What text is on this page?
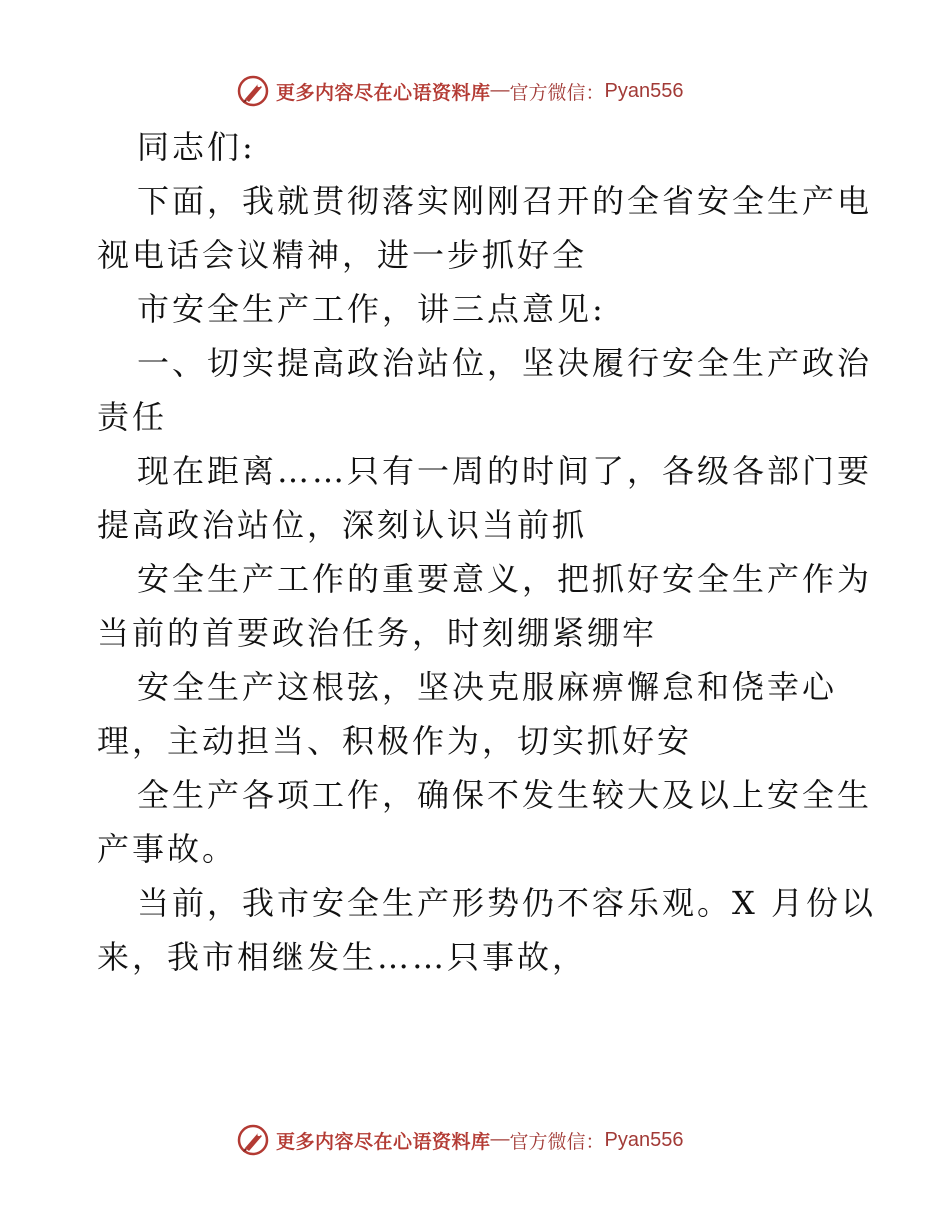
更多内容尽在心语资料库 — 官方微信： Pyan556
同志们:
下面，我就贯彻落实刚刚召开的全省安全生产电
视电话会议精神，进一步抓好全
市安全生产工作，讲三点意见:
一、切实提高政治站位，坚决履行安全生产政治
责任
现在距离……只有一周的时间了，各级各部门要
提高政治站位，深刻认识当前抓
安全生产工作的重要意义，把抓好安全生产作为
当前的首要政治任务，时刻绷紧绷牢
安全生产这根弦，坚决克服麻痹懈怠和侥幸心
理，主动担当、积极作为，切实抓好安
全生产各项工作，确保不发生较大及以上安全生
产事故。
当前，我市安全生产形势仍不容乐观。X 月份以
来，我市相继发生……只事故，
更多内容尽在心语资料库 — 官方微信： Pyan556
